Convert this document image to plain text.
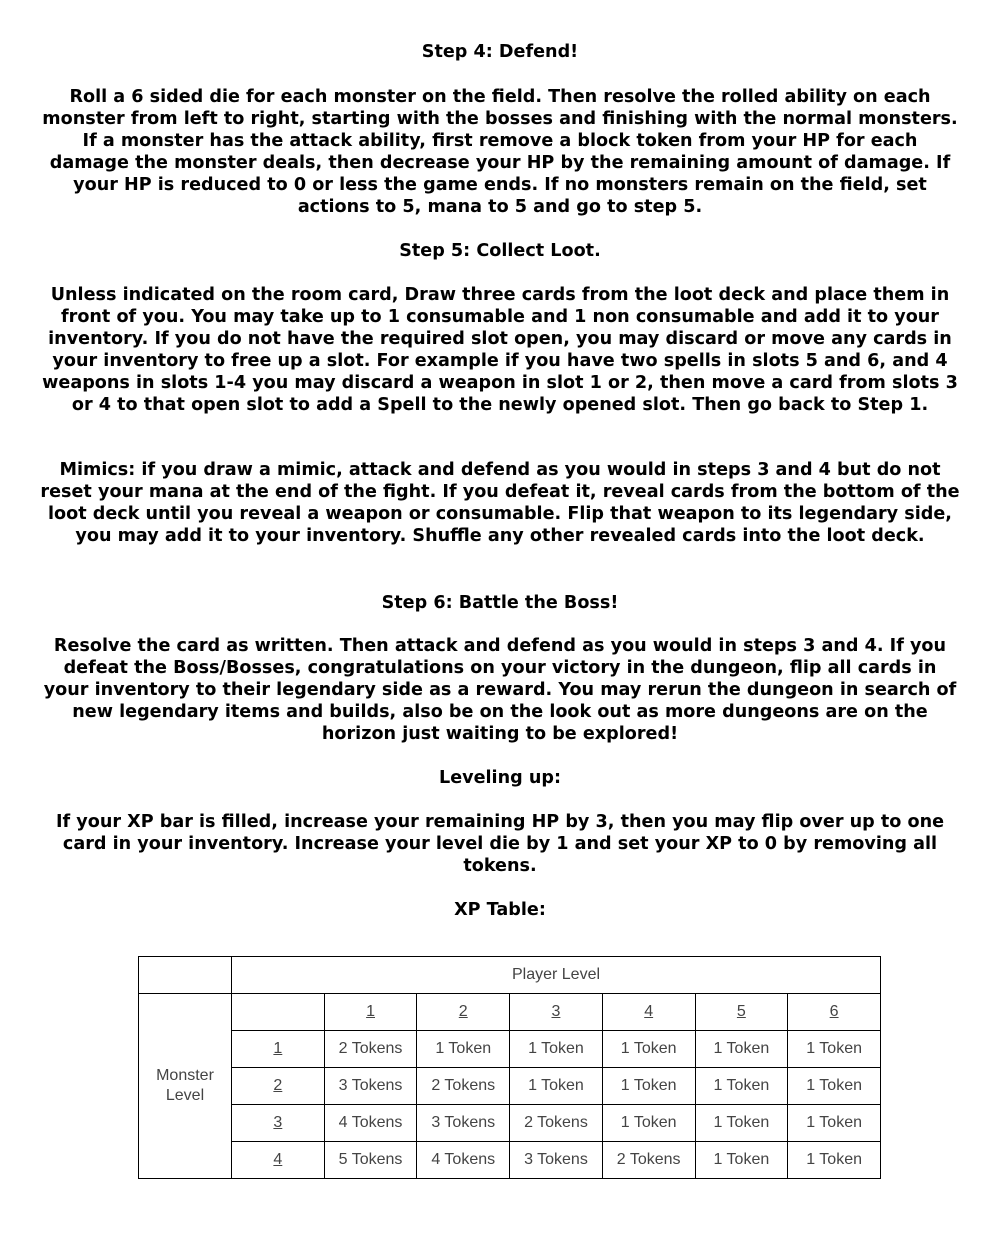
Step 4: Defend!

Roll a 6 sided die for each monster on the field. Then resolve the rolled ability on each monster from left to right, starting with the bosses and finishing with the normal monsters. If a monster has the attack ability, first remove a block token from your HP for each damage the monster deals, then decrease your HP by the remaining amount of damage. If your HP is reduced to 0 or less the game ends. If no monsters remain on the field, set actions to 5, mana to 5 and go to step 5.

Step 5: Collect Loot.

Unless indicated on the room card, Draw three cards from the loot deck and place them in front of you. You may take up to 1 consumable and 1 non consumable and add it to your inventory. If you do not have the required slot open, you may discard or move any cards in your inventory to free up a slot. For example if you have two spells in slots 5 and 6, and 4 weapons in slots 1-4 you may discard a weapon in slot 1 or 2, then move a card from slots 3 or 4 to that open slot to add a Spell to the newly opened slot. Then go back to Step 1.

Mimics: if you draw a mimic, attack and defend as you would in steps 3 and 4 but do not reset your mana at the end of the fight. If you defeat it, reveal cards from the bottom of the loot deck until you reveal a weapon or consumable. Flip that weapon to its legendary side, you may add it to your inventory. Shuffle any other revealed cards into the loot deck.

Step 6: Battle the Boss!

Resolve the card as written. Then attack and defend as you would in steps 3 and 4. If you defeat the Boss/Bosses, congratulations on your victory in the dungeon, flip all cards in your inventory to their legendary side as a reward. You may rerun the dungeon in search of new legendary items and builds, also be on the look out as more dungeons are on the horizon just waiting to be explored!

Leveling up:

If your XP bar is filled, increase your remaining HP by 3, then you may flip over up to one card in your inventory. Increase your level die by 1 and set your XP to 0 by removing all tokens.

XP Table:
	Player Level						
Monster Level		1	2	3	4	5	6
	1	2 Tokens	1 Token	1 Token	1 Token	1 Token	1 Token
	2	3 Tokens	2 Tokens	1 Token	1 Token	1 Token	1 Token
	3	4 Tokens	3 Tokens	2 Tokens	1 Token	1 Token	1 Token
	4	5 Tokens	4 Tokens	3 Tokens	2 Tokens	1 Token	1 Token
